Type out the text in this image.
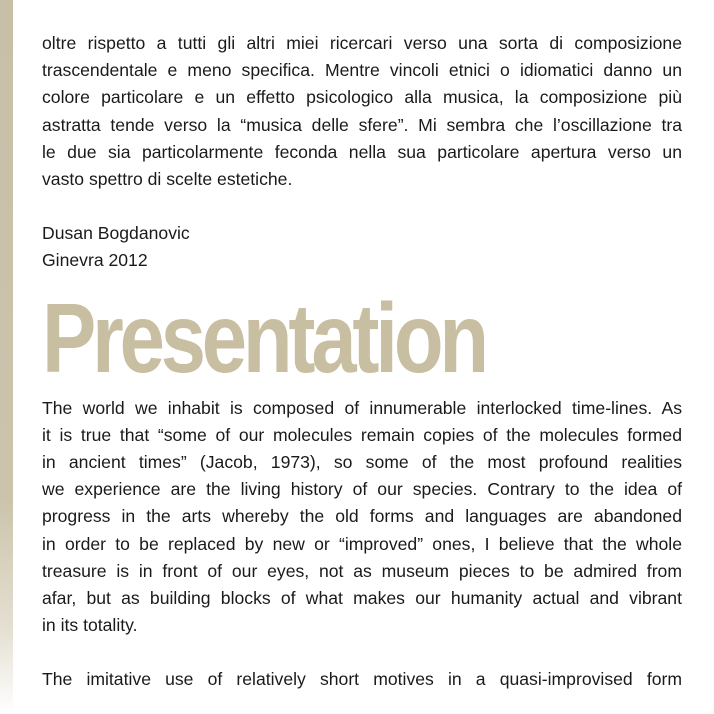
oltre rispetto a tutti gli altri miei ricercari verso una sorta di composizione
trascendentale e meno specifica. Mentre vincoli etnici o idiomatici danno un
colore particolare e un effetto psicologico alla musica, la composizione più
astratta tende verso la “musica delle sfere”. Mi sembra che l’oscillazione tra
le due sia particolarmente feconda nella sua particolare apertura verso un
vasto spettro di scelte estetiche.

Dusan Bogdanovic

Ginevra 2012

Presentation

The world we inhabit is composed of innumerable interlocked time-lines. As
it is true that “some of our molecules remain copies of the molecules formed
in ancient times” (Jacob, 1973), so some of the most profound realities
we experience are the living history of our species. Contrary to the idea of
progress in the arts whereby the old forms and languages are abandoned
in order to be replaced by new or “improved” ones, I believe that the whole
treasure is in front of our eyes, not as museum pieces to be admired from
afar, but as building blocks of what makes our humanity actual and vibrant
in its totality.

The imitative use of relatively short motives in a quasi-improvised form
